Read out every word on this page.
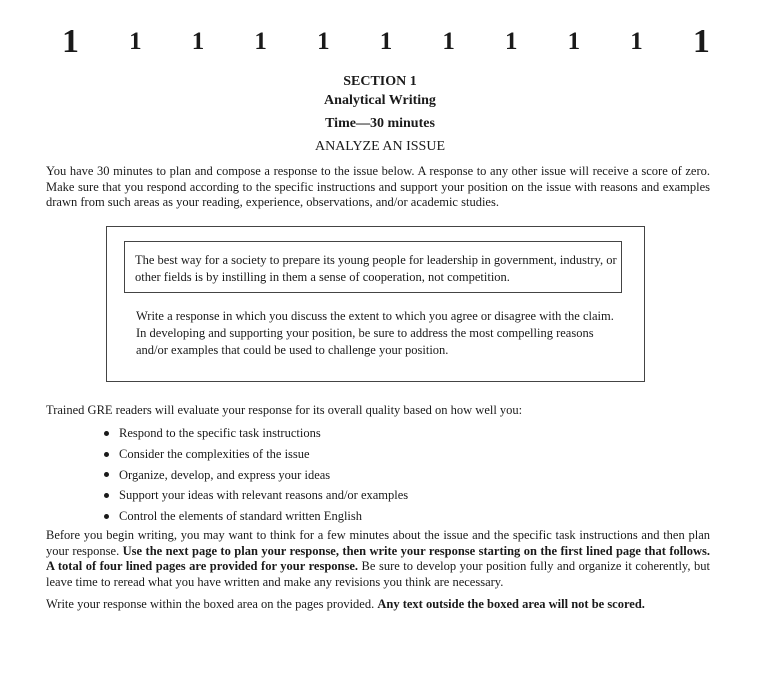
1 1 1 1 1 1 1 1 1 1 1
SECTION 1
Analytical Writing
Time—30 minutes
ANALYZE AN ISSUE
You have 30 minutes to plan and compose a response to the issue below. A response to any other issue will receive a score of zero. Make sure that you respond according to the specific instructions and support your position on the issue with reasons and examples drawn from such areas as your reading, experience, observations, and/or academic studies.
The best way for a society to prepare its young people for leadership in government, industry, or other fields is by instilling in them a sense of cooperation, not competition.
Write a response in which you discuss the extent to which you agree or disagree with the claim. In developing and supporting your position, be sure to address the most compelling reasons and/or examples that could be used to challenge your position.
Trained GRE readers will evaluate your response for its overall quality based on how well you:
Respond to the specific task instructions
Consider the complexities of the issue
Organize, develop, and express your ideas
Support your ideas with relevant reasons and/or examples
Control the elements of standard written English
Before you begin writing, you may want to think for a few minutes about the issue and the specific task instructions and then plan your response. Use the next page to plan your response, then write your response starting on the first lined page that follows. A total of four lined pages are provided for your response. Be sure to develop your position fully and organize it coherently, but leave time to reread what you have written and make any revisions you think are necessary.
Write your response within the boxed area on the pages provided. Any text outside the boxed area will not be scored.
